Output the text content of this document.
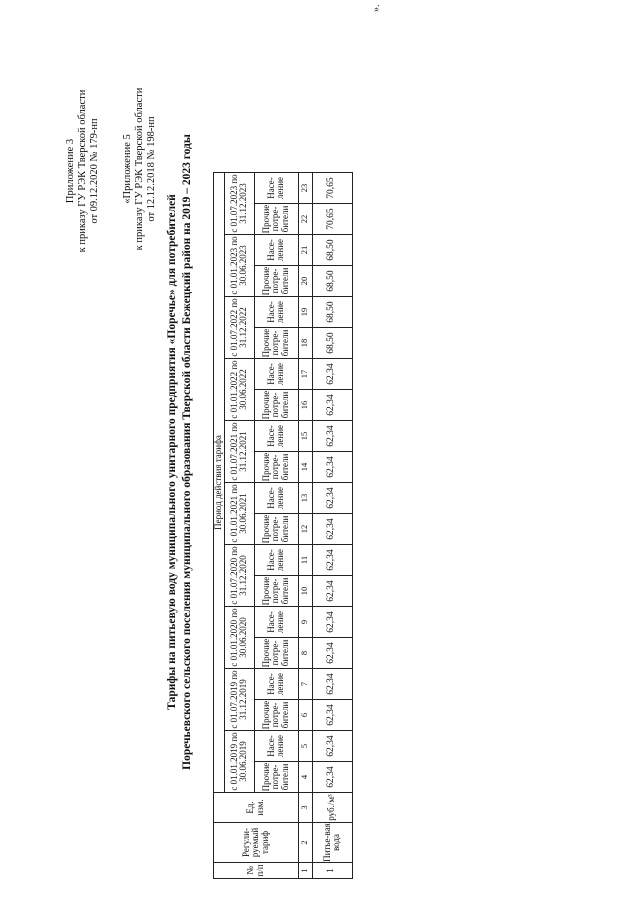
Приложение 3 к приказу ГУ РЭК Тверской области от 09.12.2020 № 179-нп «Приложение 5 к приказу ГУ РЭК Тверской области от 12.12.2018 № 198-нп
Тарифы на питьевую воду муниципального унитарного предприятия «Поречье» для потребителей Поречьевского сельского поселения муниципального образования Тверской области Бежецкий район на 2019 – 2023 годы
№ п/п	Регули-руемый тариф	Ед. изм.	Период действия тарифа																			
			с 01.01.2019 по 30.06.2019		с 01.07.2019 по 31.12.2019		с 01.01.2020 по 30.06.2020		с 01.07.2020 по 31.12.2020		с 01.01.2021 по 30.06.2021		с 01.07.2021 по 31.12.2021		с 01.01.2022 по 30.06.2022		с 01.07.2022 по 31.12.2022		с 01.01.2023 по 30.06.2023		с 01.07.2023 по 31.12.2023	
			Прочие потре-бители	Насе-ление	Прочие потре-бители	Насе-ление	Прочие потре-бители	Насе-ление	Прочие потре-бители	Насе-ление	Прочие потре-бители	Насе-ление	Прочие потре-бители	Насе-ление	Прочие потре-бители	Насе-ление	Прочие потре-бители	Насе-ление	Прочие потре-бители	Насе-ление	Прочие потре-бители	Насе-ление
1	2	3	4	5	6	7	8	9	10	11	12	13	14	15	16	17	18	19	20	21	22	23
1	Питье-вая вода	руб./м³	62,34	62,34	62,34	62,34	62,34	62,34	62,34	62,34	62,34	62,34	62,34	62,34	62,34	62,34	68,50	68,50	68,50	68,50	70,65	70,65
».
